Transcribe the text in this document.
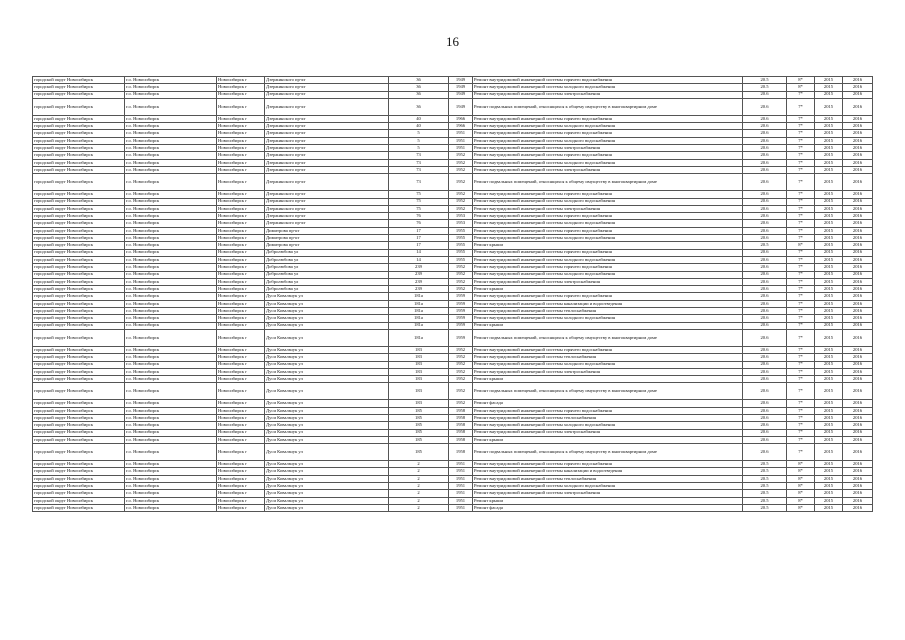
16
городской округ Новосибирск	г.о. Новосибирск	Новосибирск г	Дзержинского пр-кт	36	1949	Ремонт внутридомовой инженерной системы горячего водоснабжения	20.5	8*	2015	2016
городской округ Новосибирск	г.о. Новосибирск	Новосибирск г	Дзержинского пр-кт	36	1949	Ремонт внутридомовой инженерной системы холодного водоснабжения	20.5	8*	2015	2016
городской округ Новосибирск	г.о. Новосибирск	Новосибирск г	Дзержинского пр-кт	36	1949	Ремонт внутридомовой инженерной системы электроснабжения	20.6	7*	2015	2016
городской округ Новосибирск	г.о. Новосибирск	Новосибирск г	Дзержинского пр-кт	36	1949	Ремонт подвальных помещений, относящихся к общему имуществу в многоквартирном доме	20.6	7*	2015	2016
городской округ Новосибирск	г.о. Новосибирск	Новосибирск г	Дзержинского пр-кт	40	1966	Ремонт внутридомовой инженерной системы горячего водоснабжения	20.6	7*	2015	2016
городской округ Новосибирск	г.о. Новосибирск	Новосибирск г	Дзержинского пр-кт	40	1966	Ремонт внутридомовой инженерной системы холодного водоснабжения	20.6	7*	2015	2016
городской округ Новосибирск	г.о. Новосибирск	Новосибирск г	Дзержинского пр-кт	5	1951	Ремонт внутридомовой инженерной системы горячего водоснабжения	20.6	7*	2015	2016
городской округ Новосибирск	г.о. Новосибирск	Новосибирск г	Дзержинского пр-кт	5	1951	Ремонт внутридомовой инженерной системы холодного водоснабжения	20.6	7*	2015	2016
городской округ Новосибирск	г.о. Новосибирск	Новосибирск г	Дзержинского пр-кт	5	1951	Ремонт внутридомовой инженерной системы электроснабжения	20.6	7*	2015	2016
городской округ Новосибирск	г.о. Новосибирск	Новосибирск г	Дзержинского пр-кт	73	1952	Ремонт внутридомовой инженерной системы горячего водоснабжения	20.6	7*	2015	2016
городской округ Новосибирск	г.о. Новосибирск	Новосибирск г	Дзержинского пр-кт	73	1952	Ремонт внутридомовой инженерной системы холодного водоснабжения	20.6	7*	2015	2016
городской округ Новосибирск	г.о. Новосибирск	Новосибирск г	Дзержинского пр-кт	73	1952	Ремонт внутридомовой инженерной системы электроснабжения	20.6	7*	2015	2016
городской округ Новосибирск	г.о. Новосибирск	Новосибирск г	Дзержинского пр-кт	73	1952	Ремонт подвальных помещений, относящихся к общему имуществу в многоквартирном доме	20.6	7*	2015	2016
городской округ Новосибирск	г.о. Новосибирск	Новосибирск г	Дзержинского пр-кт	75	1952	Ремонт внутридомовой инженерной системы горячего водоснабжения	20.6	7*	2015	2016
городской округ Новосибирск	г.о. Новосибирск	Новосибирск г	Дзержинского пр-кт	75	1952	Ремонт внутридомовой инженерной системы холодного водоснабжения	20.6	7*	2015	2016
городской округ Новосибирск	г.о. Новосибирск	Новосибирск г	Дзержинского пр-кт	75	1952	Ремонт внутридомовой инженерной системы электроснабжения	20.6	7*	2015	2016
городской округ Новосибирск	г.о. Новосибирск	Новосибирск г	Дзержинского пр-кт	76	1953	Ремонт внутридомовой инженерной системы горячего водоснабжения	20.6	7*	2015	2016
городской округ Новосибирск	г.о. Новосибирск	Новосибирск г	Дзержинского пр-кт	76	1953	Ремонт внутридомовой инженерной системы холодного водоснабжения	20.6	7*	2015	2016
городской округ Новосибирск	г.о. Новосибирск	Новосибирск г	Димитрова пр-кт	17	1955	Ремонт внутридомовой инженерной системы горячего водоснабжения	20.6	7*	2015	2016
городской округ Новосибирск	г.о. Новосибирск	Новосибирск г	Димитрова пр-кт	17	1955	Ремонт внутридомовой инженерной системы холодного водоснабжения	20.6	7*	2015	2016
городской округ Новосибирск	г.о. Новосибирск	Новосибирск г	Димитрова пр-кт	17	1955	Ремонт крыши	20.5	8*	2015	2016
городской округ Новосибирск	г.о. Новосибирск	Новосибирск г	Добролюбова ул	14	1955	Ремонт внутридомовой инженерной системы горячего водоснабжения	20.6	7*	2015	2016
городской округ Новосибирск	г.о. Новосибирск	Новосибирск г	Добролюбова ул	14	1955	Ремонт внутридомовой инженерной системы холодного водоснабжения	20.6	7*	2015	2016
городской округ Новосибирск	г.о. Новосибирск	Новосибирск г	Добролюбова ул	239	1952	Ремонт внутридомовой инженерной системы горячего водоснабжения	20.6	7*	2015	2016
городской округ Новосибирск	г.о. Новосибирск	Новосибирск г	Добролюбова ул	239	1952	Ремонт внутридомовой инженерной системы холодного водоснабжения	20.6	7*	2015	2016
городской округ Новосибирск	г.о. Новосибирск	Новосибирск г	Добролюбова ул	239	1952	Ремонт внутридомовой инженерной системы электроснабжения	20.6	7*	2015	2016
городской округ Новосибирск	г.о. Новосибирск	Новосибирск г	Добролюбова ул	239	1952	Ремонт крыши	20.6	7*	2015	2016
городской округ Новосибирск	г.о. Новосибирск	Новосибирск г	Дуси Ковальчук ул	181а	1959	Ремонт внутридомовой инженерной системы горячего водоснабжения	20.6	7*	2015	2016
городской округ Новосибирск	г.о. Новосибирск	Новосибирск г	Дуси Ковальчук ул	181а	1959	Ремонт внутридомовой инженерной системы канализации и водоотведения	20.6	7*	2015	2016
городской округ Новосибирск	г.о. Новосибирск	Новосибирск г	Дуси Ковальчук ул	181а	1959	Ремонт внутридомовой инженерной системы теплоснабжения	20.6	7*	2015	2016
городской округ Новосибирск	г.о. Новосибирск	Новосибирск г	Дуси Ковальчук ул	181а	1959	Ремонт внутридомовой инженерной системы холодного водоснабжения	20.6	7*	2015	2016
городской округ Новосибирск	г.о. Новосибирск	Новосибирск г	Дуси Ковальчук ул	181а	1959	Ремонт крыши	20.6	7*	2015	2016
городской округ Новосибирск	г.о. Новосибирск	Новосибирск г	Дуси Ковальчук ул	181а	1959	Ремонт подвальных помещений, относящихся к общему имуществу в многоквартирном доме	20.6	7*	2015	2016
городской округ Новосибирск	г.о. Новосибирск	Новосибирск г	Дуси Ковальчук ул	183	1952	Ремонт внутридомовой инженерной системы горячего водоснабжения	20.6	7*	2015	2016
городской округ Новосибирск	г.о. Новосибирск	Новосибирск г	Дуси Ковальчук ул	183	1952	Ремонт внутридомовой инженерной системы теплоснабжения	20.6	7*	2015	2016
городской округ Новосибирск	г.о. Новосибирск	Новосибирск г	Дуси Ковальчук ул	183	1952	Ремонт внутридомовой инженерной системы холодного водоснабжения	20.6	7*	2015	2016
городской округ Новосибирск	г.о. Новосибирск	Новосибирск г	Дуси Ковальчук ул	183	1952	Ремонт внутридомовой инженерной системы электроснабжения	20.6	7*	2015	2016
городской округ Новосибирск	г.о. Новосибирск	Новосибирск г	Дуси Ковальчук ул	183	1952	Ремонт крыши	20.6	7*	2015	2016
городской округ Новосибирск	г.о. Новосибирск	Новосибирск г	Дуси Ковальчук ул	183	1952	Ремонт подвальных помещений, относящихся к общему имуществу в многоквартирном доме	20.6	7*	2015	2016
городской округ Новосибирск	г.о. Новосибирск	Новосибирск г	Дуси Ковальчук ул	183	1952	Ремонт фасада	20.6	7*	2015	2016
городской округ Новосибирск	г.о. Новосибирск	Новосибирск г	Дуси Ковальчук ул	185	1958	Ремонт внутридомовой инженерной системы горячего водоснабжения	20.6	7*	2015	2016
городской округ Новосибирск	г.о. Новосибирск	Новосибирск г	Дуси Ковальчук ул	185	1958	Ремонт внутридомовой инженерной системы теплоснабжения	20.6	7*	2015	2016
городской округ Новосибирск	г.о. Новосибирск	Новосибирск г	Дуси Ковальчук ул	185	1958	Ремонт внутридомовой инженерной системы холодного водоснабжения	20.6	7*	2015	2016
городской округ Новосибирск	г.о. Новосибирск	Новосибирск г	Дуси Ковальчук ул	185	1958	Ремонт внутридомовой инженерной системы электроснабжения	20.6	7*	2015	2016
городской округ Новосибирск	г.о. Новосибирск	Новосибирск г	Дуси Ковальчук ул	185	1958	Ремонт крыши	20.6	7*	2015	2016
городской округ Новосибирск	г.о. Новосибирск	Новосибирск г	Дуси Ковальчук ул	185	1958	Ремонт подвальных помещений, относящихся к общему имуществу в многоквартирном доме	20.6	7*	2015	2016
городской округ Новосибирск	г.о. Новосибирск	Новосибирск г	Дуси Ковальчук ул	2	1951	Ремонт внутридомовой инженерной системы горячего водоснабжения	20.5	8*	2015	2016
городской округ Новосибирск	г.о. Новосибирск	Новосибирск г	Дуси Ковальчук ул	2	1951	Ремонт внутридомовой инженерной системы канализации и водоотведения	20.5	8*	2015	2016
городской округ Новосибирск	г.о. Новосибирск	Новосибирск г	Дуси Ковальчук ул	2	1951	Ремонт внутридомовой инженерной системы теплоснабжения	20.5	8*	2015	2016
городской округ Новосибирск	г.о. Новосибирск	Новосибирск г	Дуси Ковальчук ул	2	1951	Ремонт внутридомовой инженерной системы холодного водоснабжения	20.5	8*	2015	2016
городской округ Новосибирск	г.о. Новосибирск	Новосибирск г	Дуси Ковальчук ул	2	1951	Ремонт внутридомовой инженерной системы электроснабжения	20.5	8*	2015	2016
городской округ Новосибирск	г.о. Новосибирск	Новосибирск г	Дуси Ковальчук ул	2	1951	Ремонт крыши	20.5	8*	2015	2016
городской округ Новосибирск	г.о. Новосибирск	Новосибирск г	Дуси Ковальчук ул	2	1951	Ремонт фасада	20.5	8*	2015	2016
